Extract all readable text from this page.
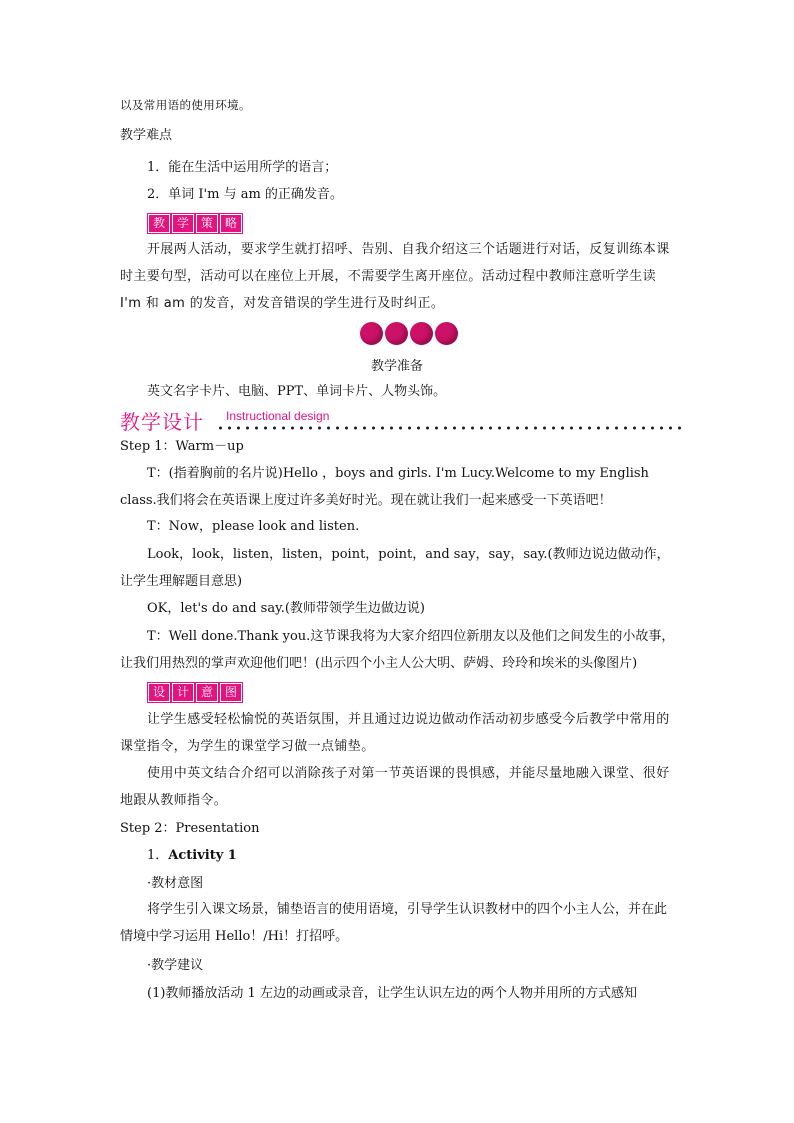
以及常用语的使用环境。
教学难点
1．能在生活中运用所学的语言；
2．单词 I'm 与 am 的正确发音。
教 学 策 略
开展两人活动，要求学生就打招呼、告别、自我介绍这三个话题进行对话，反复训练本课时主要句型，活动可以在座位上开展，不需要学生离开座位。活动过程中教师注意听学生读 I'm 和 am 的发音，对发音错误的学生进行及时纠正。
教学准备
英文名字卡片、电脑、PPT、单词卡片、人物头饰。
教学设计 Instructional design
Step 1：Warm－up
T：(指着胸前的名片说)Hello ，boys and girls. I'm Lucy.Welcome to my English class.我们将会在英语课上度过许多美好时光。现在就让我们一起来感受一下英语吧！
T：Now，please look and listen.
Look，look，listen，listen，point，point，and say，say，say.(教师边说边做动作，让学生理解题目意思)
OK，let's do and say.(教师带领学生边做边说)
T：Well done.Thank you.这节课我将为大家介绍四位新朋友以及他们之间发生的小故事，让我们用热烈的掌声欢迎他们吧！(出示四个小主人公大明、萨姆、玲玲和埃米的头像图片)
设 计 意 图
让学生感受轻松愉悦的英语氛围，并且通过边说边做动作活动初步感受今后教学中常用的课堂指令，为学生的课堂学习做一点铺垫。
使用中英文结合介绍可以消除孩子对第一节英语课的畏惧感，并能尽量地融入课堂、很好地跟从教师指令。
Step 2：Presentation
1．Activity 1
·教材意图
将学生引入课文场景，铺垫语言的使用语境，引导学生认识教材中的四个小主人公，并在此情境中学习运用 Hello！/Hi！打招呼。
·教学建议
(1)教师播放活动 1 左边的动画或录音，让学生认识左边的两个人物并用所的方式感知
